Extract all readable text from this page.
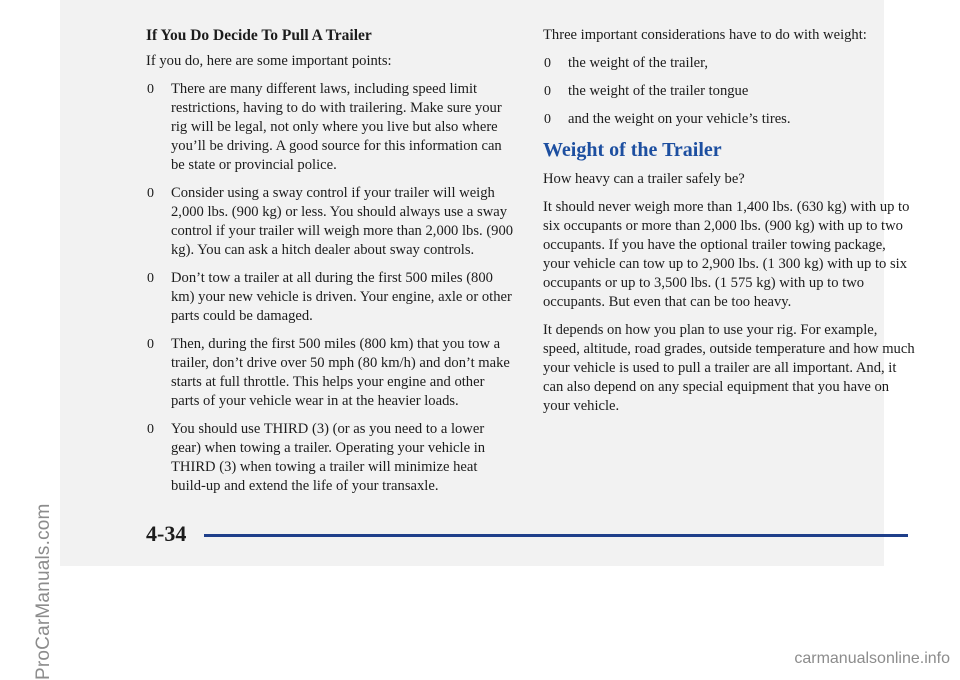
If You Do Decide To Pull A Trailer

If you do, here are some important points:

0 There are many different laws, including speed limit restrictions, having to do with trailering. Make sure your rig will be legal, not only where you live but also where you’ll be driving. A good source for this information can be state or provincial police.
0 Consider using a sway control if your trailer will weigh 2,000 lbs. (900 kg) or less. You should always use a sway control if your trailer will weigh more than 2,000 lbs. (900 kg). You can ask a hitch dealer about sway controls.
0 Don’t tow a trailer at all during the first 500 miles (800 km) your new vehicle is driven. Your engine, axle or other parts could be damaged.
0 Then, during the first 500 miles (800 km) that you tow a trailer, don’t drive over 50 mph (80 km/h) and don’t make starts at full throttle. This helps your engine and other parts of your vehicle wear in at the heavier loads.
0 You should use THIRD (3) (or as you need to a lower gear) when towing a trailer. Operating your vehicle in THIRD (3) when towing a trailer will minimize heat build-up and extend the life of your transaxle.

Three important considerations have to do with weight:

0 the weight of the trailer,
0 the weight of the trailer tongue
0 and the weight on your vehicle’s tires.
Weight of the Trailer

How heavy can a trailer safely be?

It should never weigh more than 1,400 lbs. (630 kg) with up to six occupants or more than 2,000 lbs. (900 kg) with up to two occupants. If you have the optional trailer towing package, your vehicle can tow up to 2,900 lbs. (1 300 kg) with up to six occupants or up to 3,500 lbs. (1 575 kg) with up to two occupants. But even that can be too heavy.

It depends on how you plan to use your rig. For example, speed, altitude, road grades, outside temperature and how much your vehicle is used to pull a trailer are all important. And, it can also depend on any special equipment that you have on your vehicle.

4-34
ProCarManuals.com	carmanualsonline.info
